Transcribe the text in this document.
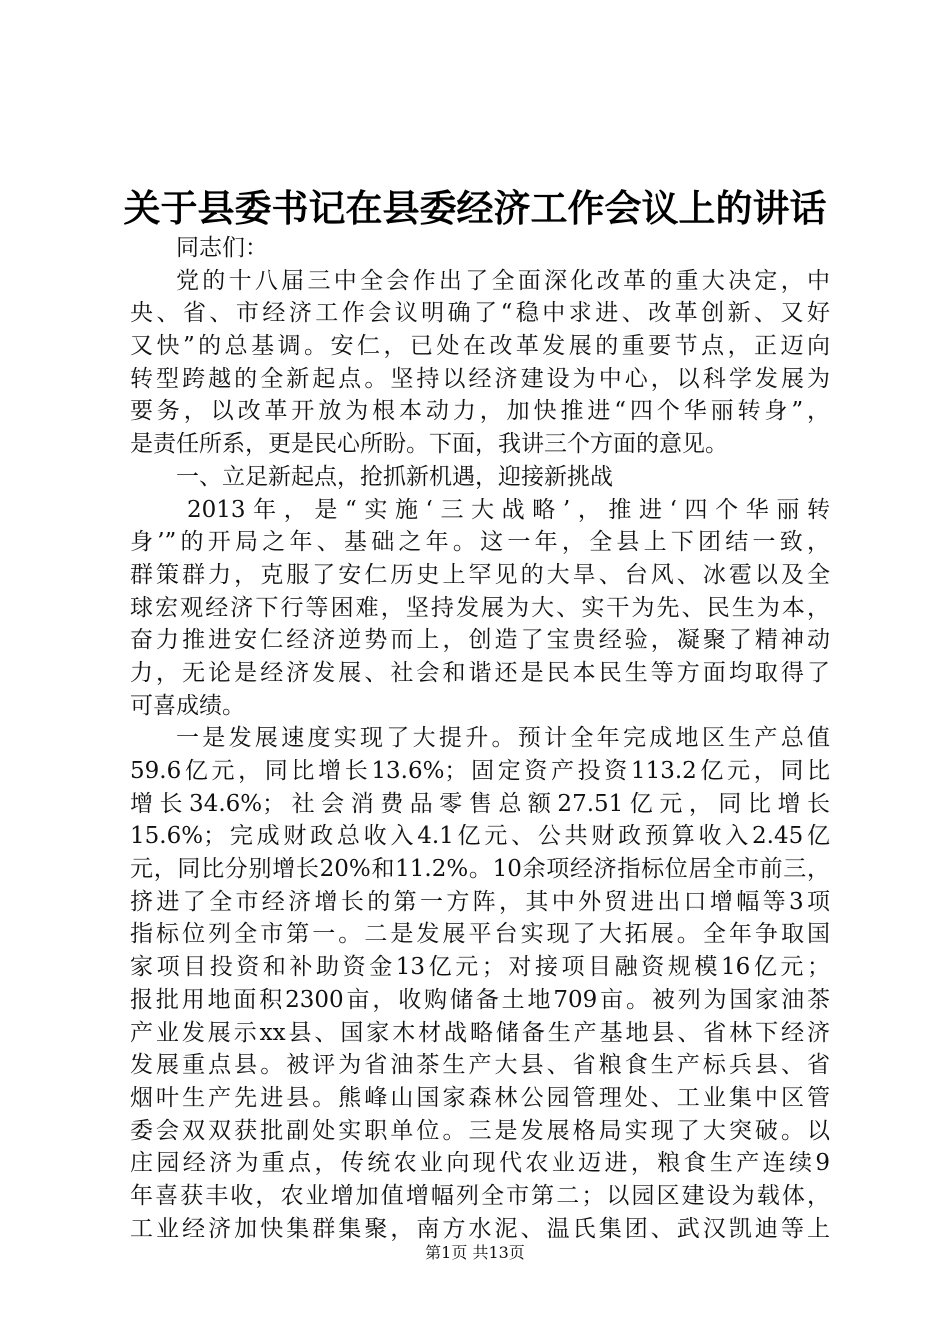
关于县委书记在县委经济工作会议上的讲话
同志们：
党的十八届三中全会作出了全面深化改革的重大决定，中
央、省、市经济工作会议明确了“稳中求进、改革创新、又好
又快”的总基调。安仁，已处在改革发展的重要节点，正迈向
转型跨越的全新起点。坚持以经济建设为中心，以科学发展为
要务，以改革开放为根本动力，加快推进“四个华丽转身”，
是责任所系，更是民心所盼。下面，我讲三个方面的意见。
一、立足新起点，抢抓新机遇，迎接新挑战
2013年，是“实施‘三大战略’，推进‘四个华丽转
身’”的开局之年、基础之年。这一年，全县上下团结一致，
群策群力，克服了安仁历史上罕见的大旱、台风、冰雹以及全
球宏观经济下行等困难，坚持发展为大、实干为先、民生为本，
奋力推进安仁经济逆势而上，创造了宝贵经验，凝聚了精神动
力，无论是经济发展、社会和谐还是民本民生等方面均取得了
可喜成绩。
一是发展速度实现了大提升。预计全年完成地区生产总值
59.6亿元，同比增长13.6%；固定资产投资113.2亿元，同比
增长34.6%；社会消费品零售总额27.51亿元，同比增长
15.6%；完成财政总收入4.1亿元、公共财政预算收入2.45亿
元，同比分别增长20%和11.2%。10余项经济指标位居全市前三，
挤进了全市经济增长的第一方阵，其中外贸进出口增幅等3项
指标位列全市第一。二是发展平台实现了大拓展。全年争取国
家项目投资和补助资金13亿元；对接项目融资规模16亿元；
报批用地面积2300亩，收购储备土地709亩。被列为国家油茶
产业发展示xx县、国家木材战略储备生产基地县、省林下经济
发展重点县。被评为省油茶生产大县、省粮食生产标兵县、省
烟叶生产先进县。熊峰山国家森林公园管理处、工业集中区管
委会双双获批副处实职单位。三是发展格局实现了大突破。以
庄园经济为重点，传统农业向现代农业迈进，粮食生产连续9
年喜获丰收，农业增加值增幅列全市第二；以园区建设为载体，
工业经济加快集群集聚，南方水泥、温氏集团、武汉凯迪等上
第1页 共13页
